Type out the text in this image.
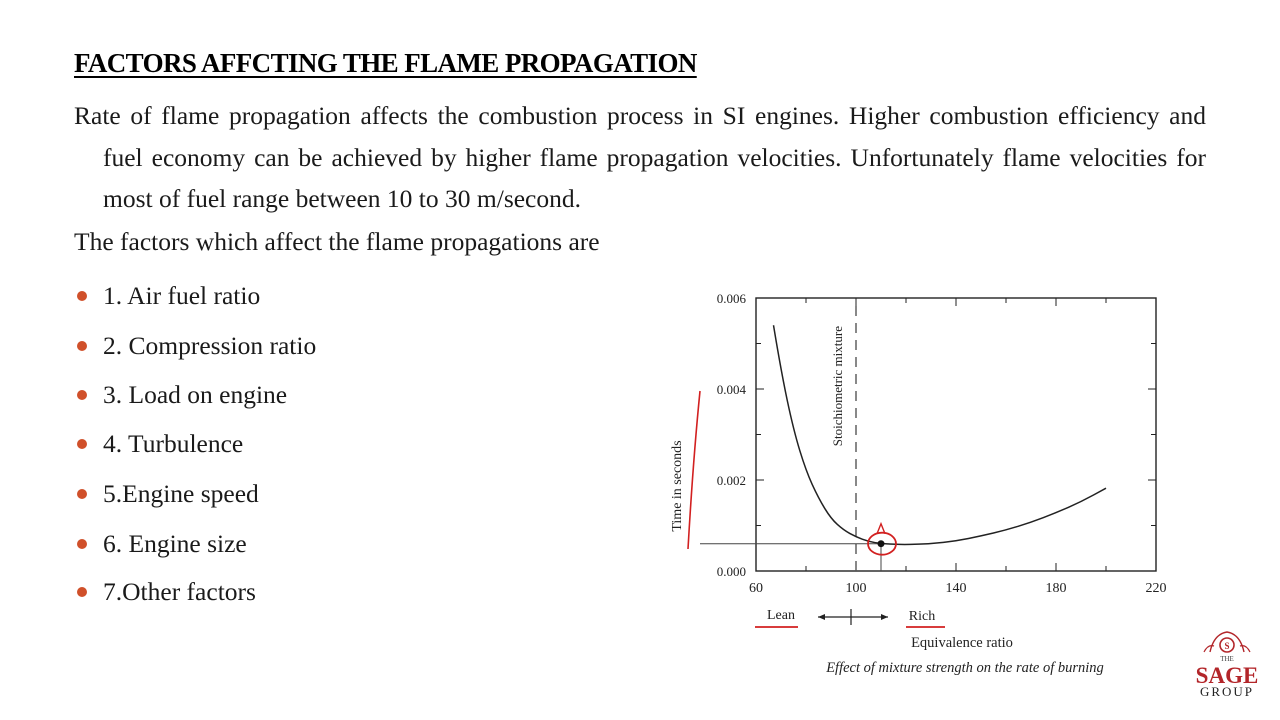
FACTORS AFFCTING THE FLAME PROPAGATION

Rate of flame propagation affects the combustion process in SI engines. Higher combustion efficiency and fuel economy can be achieved by higher flame propagation velocities. Unfortunately flame velocities for most of fuel range between 10 to 30 m/second.

The factors which affect the flame propagations are

1. Air fuel ratio
2. Compression ratio
3. Load on engine
4. Turbulence
5.Engine speed
6. Engine size
7.Other factors	60	100	140	180	220
0.000
0.002
0.004
0.006
Stoichiometric mixture
Time in seconds
Lean	Rich
Equivalence ratio
Effect of mixture strength on the rate of burning
S
THE
SAGE
GROUP
